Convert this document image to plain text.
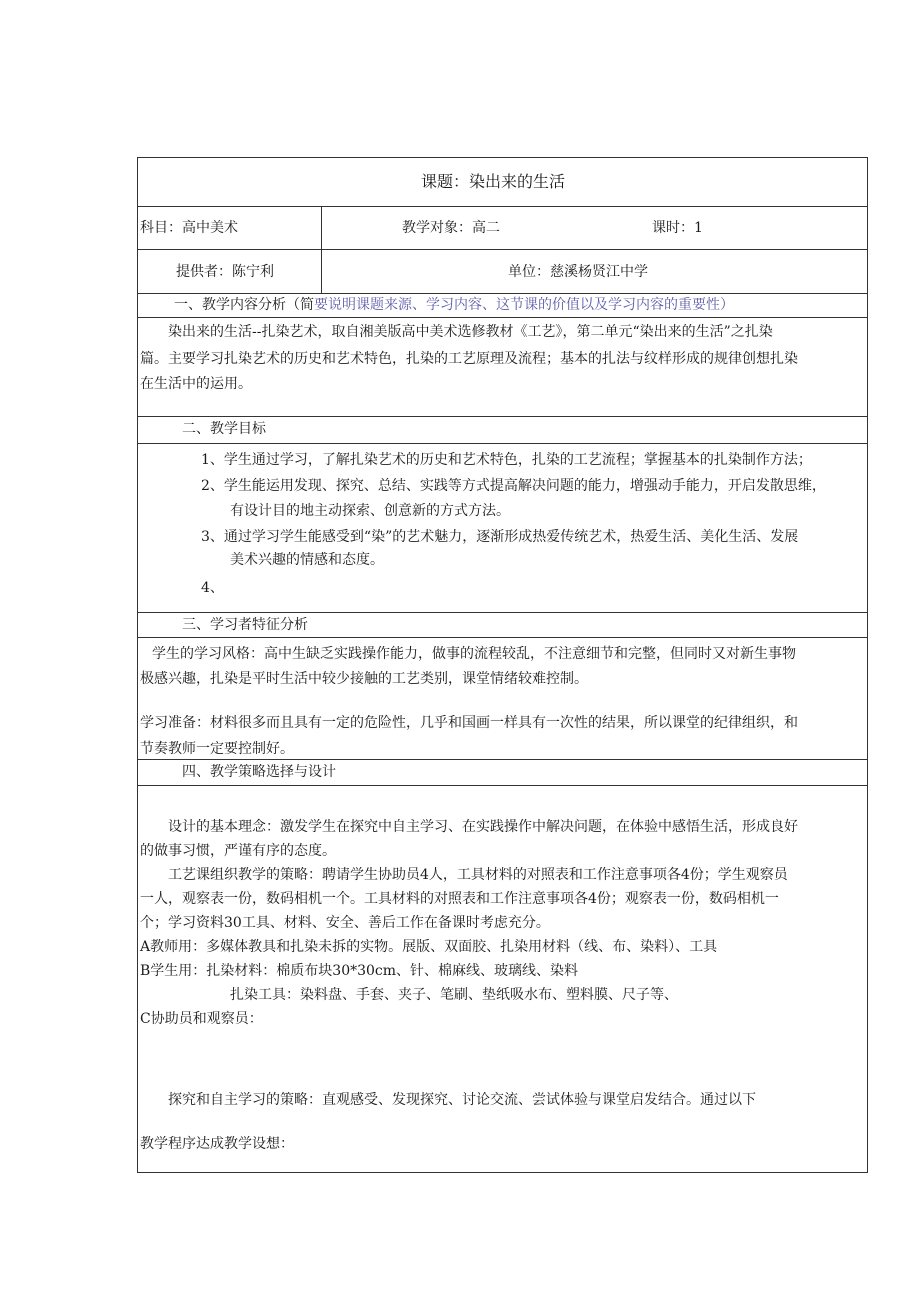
课题：染出来的生活
科目：高中美术	教学对象：高二	课时：1
提供者：陈宁利	单位：慈溪杨贤江中学
一、教学内容分析（简要说明课题来源、学习内容、这节课的价值以及学习内容的重要性）
染出来的生活--扎染艺术，取自湘美版高中美术选修教材《工艺》，第二单元“染出来的生活”之扎染
篇。主要学习扎染艺术的历史和艺术特色，扎染的工艺原理及流程；基本的扎法与纹样形成的规律创想扎染
在生活中的运用。
二、教学目标
1、学生通过学习，了解扎染艺术的历史和艺术特色，扎染的工艺流程；掌握基本的扎染制作方法；
2、学生能运用发现、探究、总结、实践等方式提高解决问题的能力，增强动手能力，开启发散思维，
有设计目的地主动探索、创意新的方式方法。
3、通过学习学生能感受到“染”的艺术魅力，逐渐形成热爱传统艺术，热爱生活、美化生活、发展
美术兴趣的情感和态度。
4、
三、学习者特征分析
学生的学习风格：高中生缺乏实践操作能力，做事的流程较乱，不注意细节和完整，但同时又对新生事物
极感兴趣，扎染是平时生活中较少接触的工艺类别，课堂情绪较难控制。
学习准备：材料很多而且具有一定的危险性，几乎和国画一样具有一次性的结果，所以课堂的纪律组织，和
节奏教师一定要控制好。
四、教学策略选择与设计
设计的基本理念：激发学生在探究中自主学习、在实践操作中解决问题，在体验中感悟生活，形成良好
的做事习惯，严谨有序的态度。
工艺课组织教学的策略：聘请学生协助员4人，工具材料的对照表和工作注意事项各4份；学生观察员
一人，观察表一份，数码相机一个。工具材料的对照表和工作注意事项各4份；观察表一份，数码相机一
个；学习资料30工具、材料、安全、善后工作在备课时考虑充分。
A教师用：多媒体教具和扎染未拆的实物。展版、双面胶、扎染用材料（线、布、染料）、工具
B学生用：扎染材料：棉质布块30*30cm、针、棉麻线、玻璃线、染料
扎染工具：染料盘、手套、夹子、笔刷、垫纸吸水布、塑料膜、尺子等、
C协助员和观察员：
探究和自主学习的策略：直观感受、发现探究、讨论交流、尝试体验与课堂启发结合。通过以下
教学程序达成教学设想：
